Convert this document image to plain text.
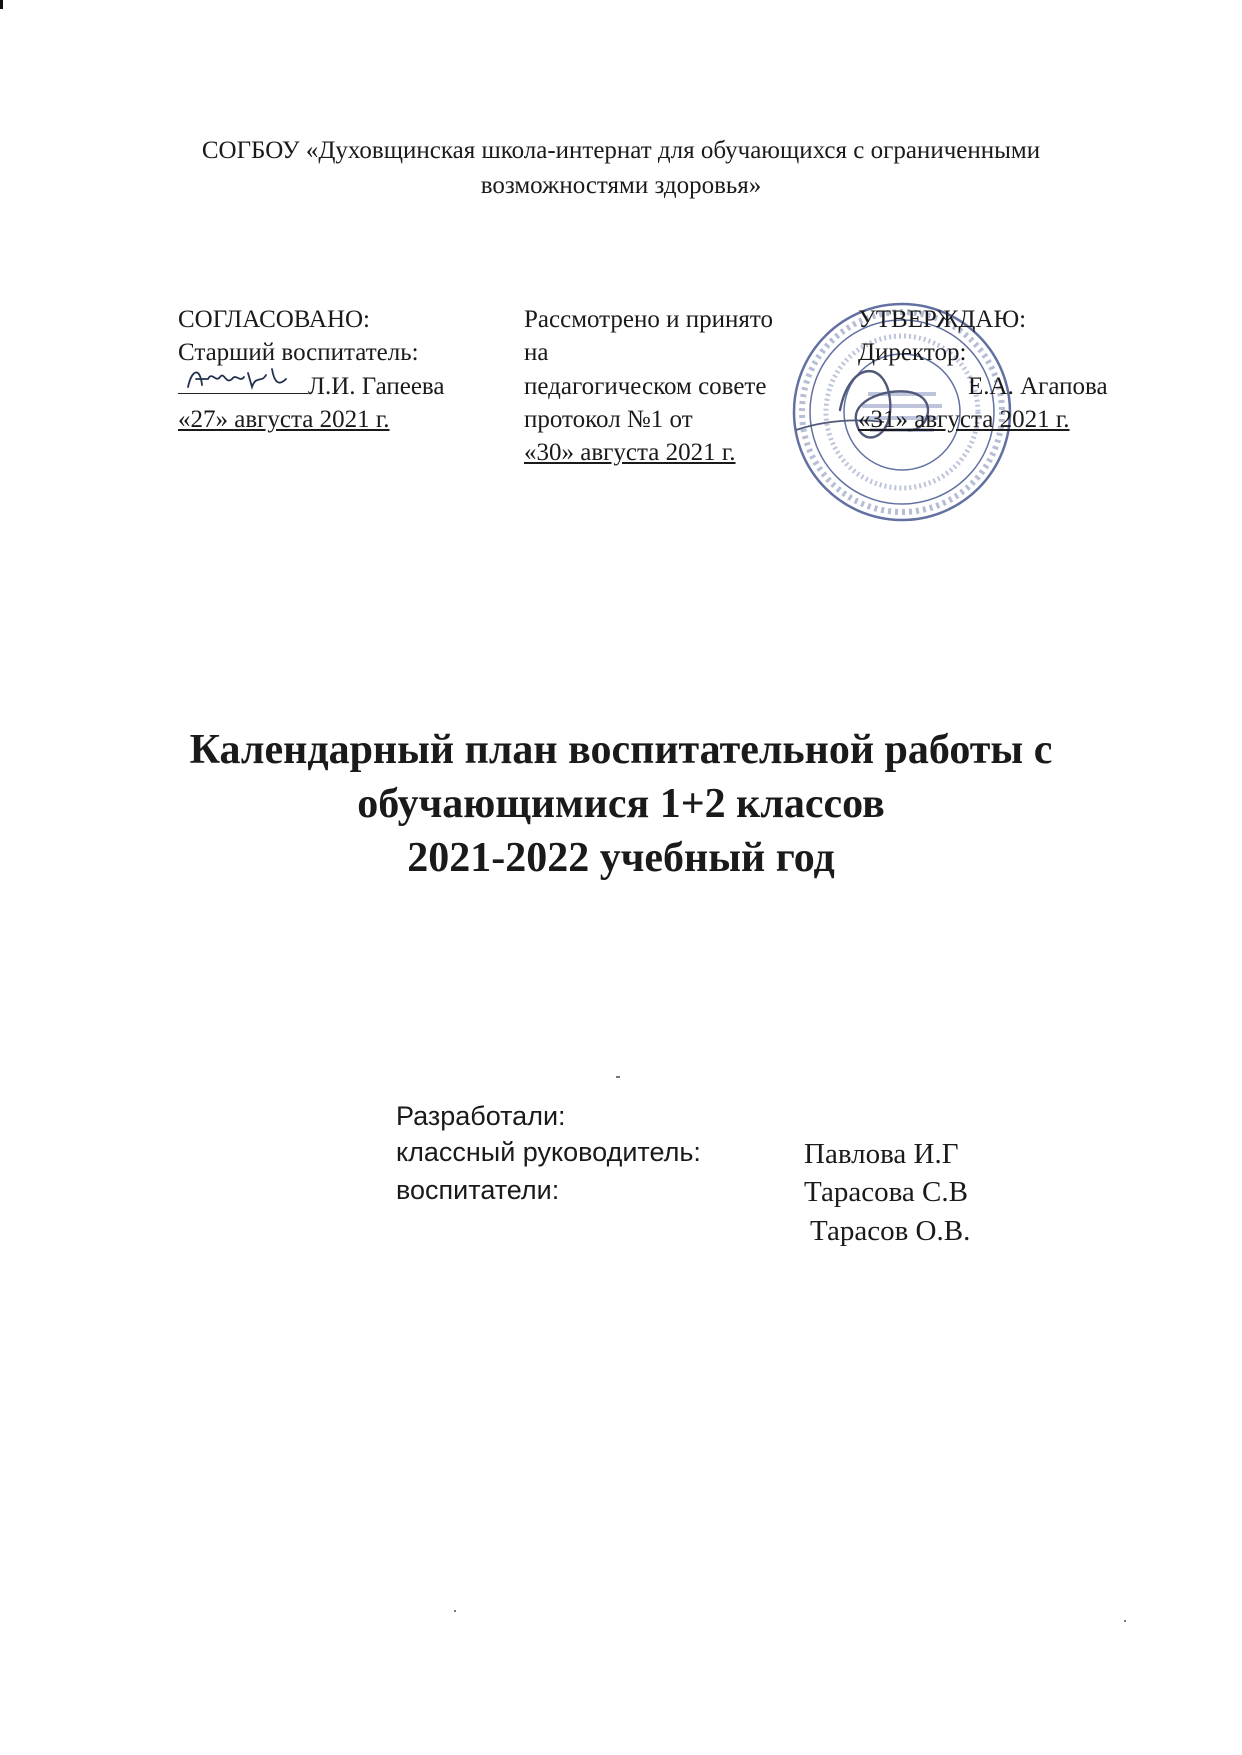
СОГБОУ «Духовщинская школа-интернат для обучающихся с ограниченными
возможностями здоровья»
СОГЛАСОВАНО:
Старший воспитатель:
Л.И. Гапеева
«27» августа 2021 г.
Рассмотрено и принято
на
педагогическом совете
протокол №1 от
«30» августа 2021 г.
УТВЕРЖДАЮ:
Директор:
Е.А. Агапова
«31» августа 2021 г.
Календарный план воспитательной работы с
обучающимися 1+2 классов
2021-2022 учебный год
Разработали:
классный руководитель:	Павлова И.Г
воспитатели:	Тарасова С.В
Тарасов О.В.
